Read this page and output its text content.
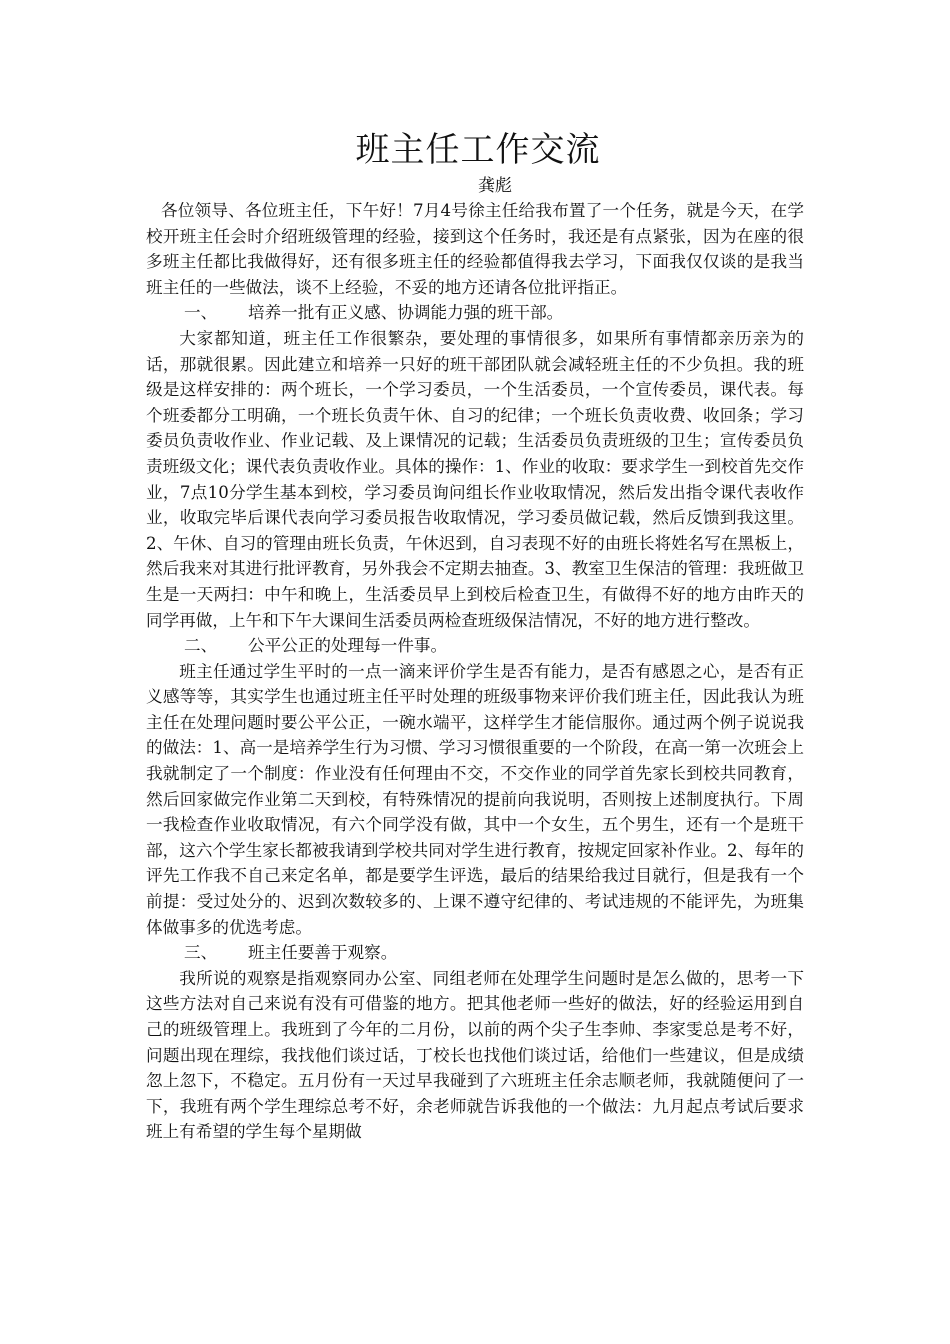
班主任工作交流

龚彪

各位领导、各位班主任，下午好！7月4号徐主任给我布置了一个任务，就是今天，在学校开班主任会时介绍班级管理的经验，接到这个任务时，我还是有点紧张，因为在座的很多班主任都比我做得好，还有很多班主任的经验都值得我去学习，下面我仅仅谈的是我当班主任的一些做法，谈不上经验，不妥的地方还请各位批评指正。

一、 培养一批有正义感、协调能力强的班干部。

大家都知道，班主任工作很繁杂，要处理的事情很多，如果所有事情都亲历亲为的话，那就很累。因此建立和培养一只好的班干部团队就会减轻班主任的不少负担。我的班级是这样安排的：两个班长，一个学习委员，一个生活委员，一个宣传委员，课代表。每个班委都分工明确，一个班长负责午休、自习的纪律；一个班长负责收费、收回条；学习委员负责收作业、作业记载、及上课情况的记载；生活委员负责班级的卫生；宣传委员负责班级文化；课代表负责收作业。具体的操作：1、作业的收取：要求学生一到校首先交作业，7点10分学生基本到校，学习委员询问组长作业收取情况，然后发出指令课代表收作业，收取完毕后课代表向学习委员报告收取情况，学习委员做记载，然后反馈到我这里。2、午休、自习的管理由班长负责，午休迟到，自习表现不好的由班长将姓名写在黑板上，然后我来对其进行批评教育，另外我会不定期去抽查。3、教室卫生保洁的管理：我班做卫生是一天两扫：中午和晚上，生活委员早上到校后检查卫生，有做得不好的地方由昨天的同学再做，上午和下午大课间生活委员两检查班级保洁情况，不好的地方进行整改。

二、 公平公正的处理每一件事。

班主任通过学生平时的一点一滴来评价学生是否有能力，是否有感恩之心，是否有正义感等等，其实学生也通过班主任平时处理的班级事物来评价我们班主任，因此我认为班主任在处理问题时要公平公正，一碗水端平，这样学生才能信服你。通过两个例子说说我的做法：1、高一是培养学生行为习惯、学习习惯很重要的一个阶段，在高一第一次班会上我就制定了一个制度：作业没有任何理由不交，不交作业的同学首先家长到校共同教育，然后回家做完作业第二天到校，有特殊情况的提前向我说明，否则按上述制度执行。下周一我检查作业收取情况，有六个同学没有做，其中一个女生，五个男生，还有一个是班干部，这六个学生家长都被我请到学校共同对学生进行教育，按规定回家补作业。2、每年的评先工作我不自己来定名单，都是要学生评选，最后的结果给我过目就行，但是我有一个前提：受过处分的、迟到次数较多的、上课不遵守纪律的、考试违规的不能评先，为班集体做事多的优选考虑。

三、 班主任要善于观察。

我所说的观察是指观察同办公室、同组老师在处理学生问题时是怎么做的，思考一下这些方法对自己来说有没有可借鉴的地方。把其他老师一些好的做法，好的经验运用到自己的班级管理上。我班到了今年的二月份，以前的两个尖子生李帅、李家雯总是考不好，问题出现在理综，我找他们谈过话，丁校长也找他们谈过话，给他们一些建议，但是成绩忽上忽下，不稳定。五月份有一天过早我碰到了六班班主任余志顺老师，我就随便问了一下，我班有两个学生理综总考不好，余老师就告诉我他的一个做法：九月起点考试后要求班上有希望的学生每个星期做
